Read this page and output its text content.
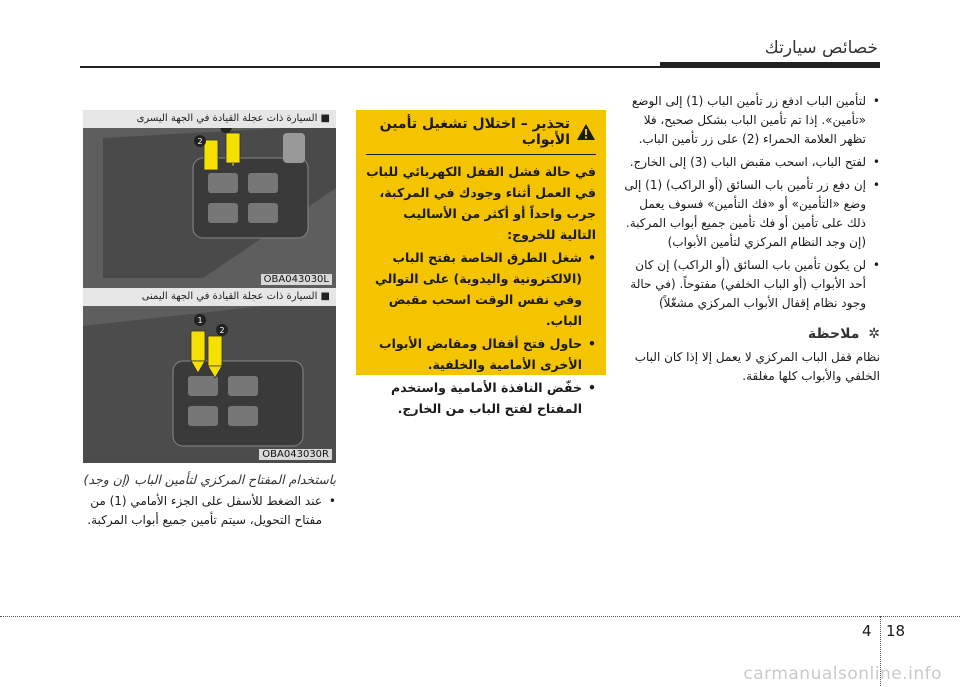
خصائص سيارتك
• لتأمين الباب ادفع زر تأمين الباب (1) إلى الوضع «تأمين». إذا تم تأمين الباب بشكل صحيح، فلا تظهر العلامة الحمراء (2) على زر تأمين الباب.
• لفتح الباب، اسحب مقبض الباب (3) إلى الخارج.
• إن دفع زر تأمين باب السائق (أو الراكب) (1) إلى وضع «التأمين» أو «فك التأمين» فسوف يعمل ذلك على تأمين أو فك تأمين جميع أبواب المركبة. (إن وجد النظام المركزي لتأمين الأبواب)
• لن يكون تأمين باب السائق (أو الراكب) إن كان أحد الأبواب (أو الباب الخلفي) مفتوحاً. (في حالة وجود نظام إقفال الأبواب المركزي مشغّلاً)
✲ ملاحظة
نظام قفل الباب المركزي لا يعمل إلا إذا كان الباب الخلفي والأبواب كلها مغلقة.
تحذير – اختلال تشغيل تأمين الأبواب
في حالة فشل القفل الكهربائي للباب في العمل أثناء وجودك في المركبة، جرب واحداً أو أكثر من الأساليب التالية للخروج:
• شغل الطرق الخاصة بفتح الباب (الالكترونية واليدوية) على التوالي وفي نفس الوقت اسحب مقبض الباب.
• حاول فتح أقفال ومقابض الأبواب الأخرى الأمامية والخلفية.
• خفّض النافذة الأمامية واستخدم المفتاح لفتح الباب من الخارج.
■ السيارة ذات عجلة القيادة في الجهة اليسرى
2
OBA043030L
■ السيارة ذات عجلة القيادة في الجهة اليمنى
1
2
OBA043030R
باستخدام المفتاح المركزي لتأمين الباب (إن وجد)
• عند الضغط للأسفل على الجزء الأمامي (1) من مفتاح التحويل، سيتم تأمين جميع أبواب المركبة.
4 18
carmanualsonline.info
